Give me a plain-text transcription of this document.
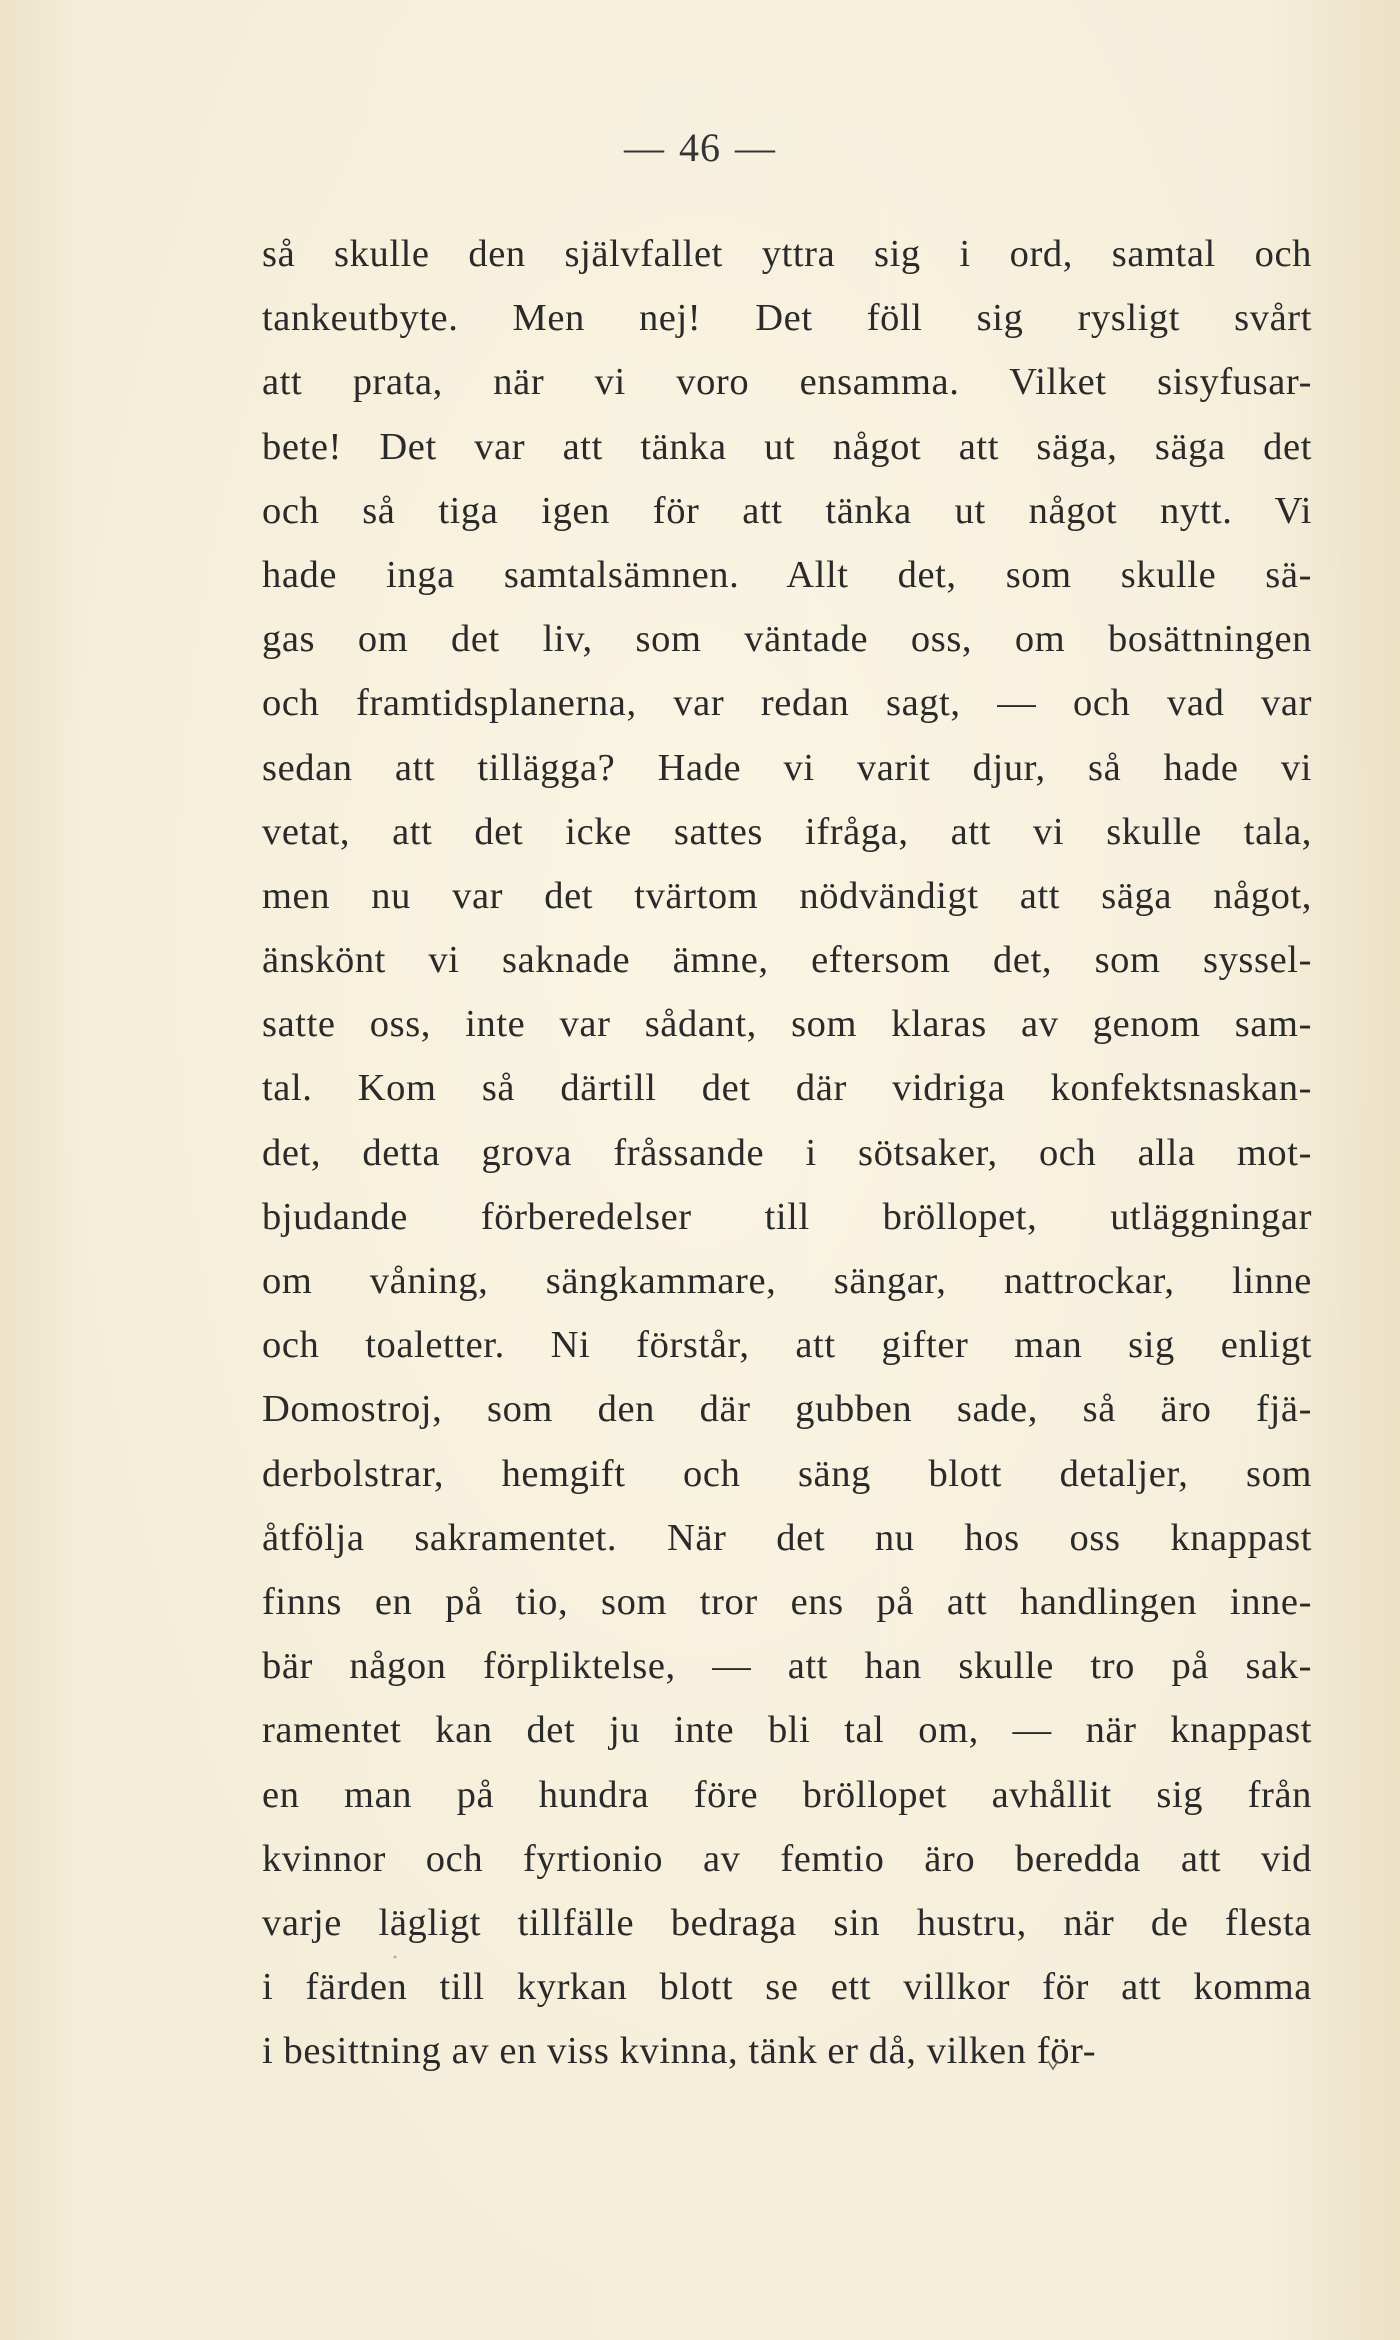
— 46 —
så skulle den självfallet yttra sig i ord, samtal och
tankeutbyte. Men nej! Det föll sig rysligt svårt
att prata, när vi voro ensamma. Vilket sisyfusar-
bete! Det var att tänka ut något att säga, säga det
och så tiga igen för att tänka ut något nytt. Vi
hade inga samtalsämnen. Allt det, som skulle sä-
gas om det liv, som väntade oss, om bosättningen
och framtidsplanerna, var redan sagt, — och vad var
sedan att tillägga? Hade vi varit djur, så hade vi
vetat, att det icke sattes ifråga, att vi skulle tala,
men nu var det tvärtom nödvändigt att säga något,
änskönt vi saknade ämne, eftersom det, som syssel-
satte oss, inte var sådant, som klaras av genom sam-
tal. Kom så därtill det där vidriga konfektsnaskan-
det, detta grova fråssande i sötsaker, och alla mot-
bjudande förberedelser till bröllopet, utläggningar
om våning, sängkammare, sängar, nattrockar, linne
och toaletter. Ni förstår, att gifter man sig enligt
Domostroj, som den där gubben sade, så äro fjä-
derbolstrar, hemgift och säng blott detaljer, som
åtfölja sakramentet. När det nu hos oss knappast
finns en på tio, som tror ens på att handlingen inne-
bär någon förpliktelse, — att han skulle tro på sak-
ramentet kan det ju inte bli tal om, — när knappast
en man på hundra före bröllopet avhållit sig från
kvinnor och fyrtionio av femtio äro beredda att vid
varje lägligt tillfälle bedraga sin hustru, när de flesta
i färden till kyrkan blott se ett villkor för att komma
i besittning av en viss kvinna, tänk er då, vilken för-
